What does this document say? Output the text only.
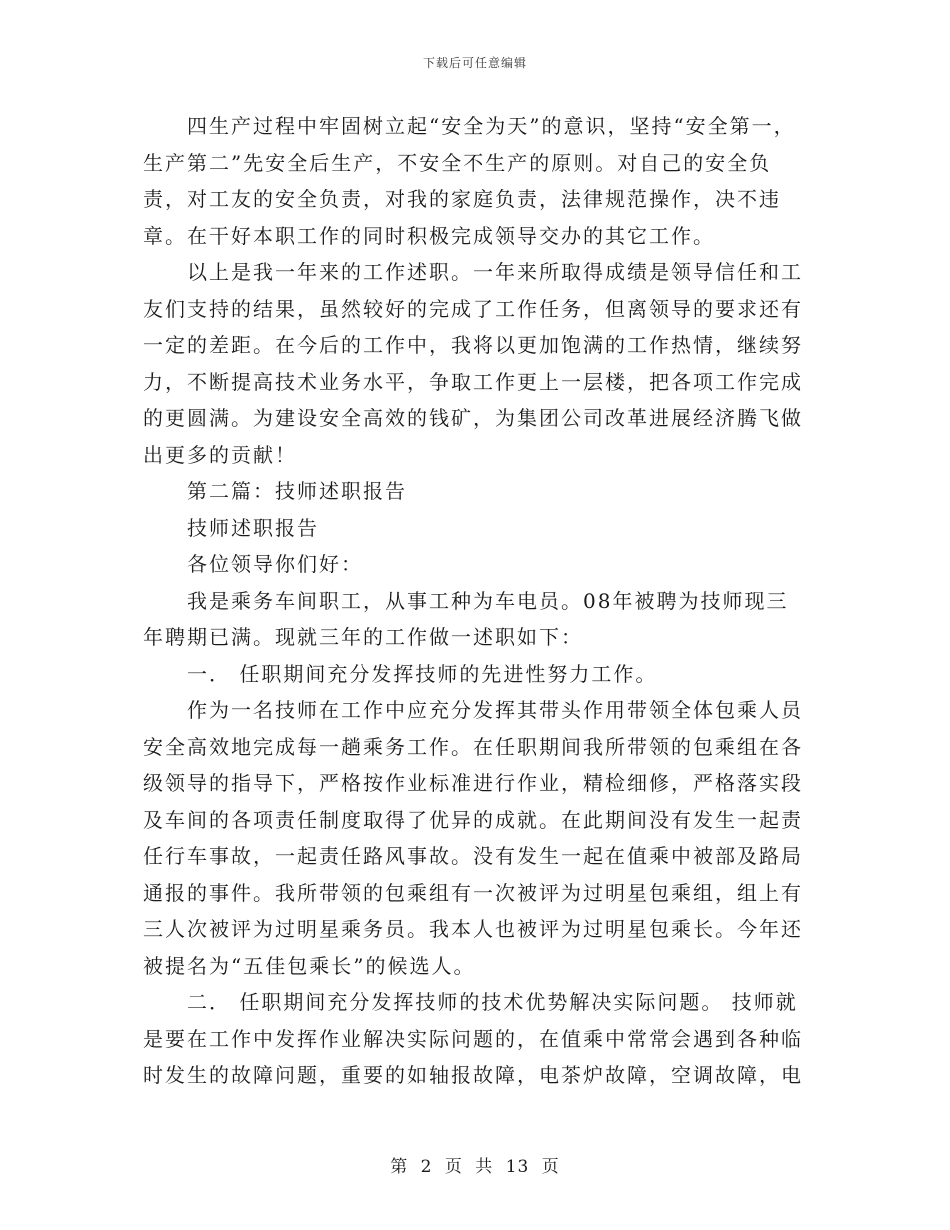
下载后可任意编辑

四生产过程中牢固树立起“安全为天”的意识，坚持“安全第一，生产第二”先安全后生产，不安全不生产的原则。对自己的安全负责，对工友的安全负责，对我的家庭负责，法律规范操作，决不违章。在干好本职工作的同时积极完成领导交办的其它工作。

以上是我一年来的工作述职。一年来所取得成绩是领导信任和工友们支持的结果，虽然较好的完成了工作任务，但离领导的要求还有一定的差距。在今后的工作中，我将以更加饱满的工作热情，继续努力，不断提高技术业务水平，争取工作更上一层楼，把各项工作完成的更圆满。为建设安全高效的钱矿，为集团公司改革进展经济腾飞做出更多的贡献！

第二篇：技师述职报告

技师述职报告

各位领导你们好：

我是乘务车间职工，从事工种为车电员。08年被聘为技师现三年聘期已满。现就三年的工作做一述职如下：

一． 任职期间充分发挥技师的先进性努力工作。

作为一名技师在工作中应充分发挥其带头作用带领全体包乘人员安全高效地完成每一趟乘务工作。在任职期间我所带领的包乘组在各级领导的指导下，严格按作业标准进行作业，精检细修，严格落实段及车间的各项责任制度取得了优异的成就。在此期间没有发生一起责任行车事故，一起责任路风事故。没有发生一起在值乘中被部及路局通报的事件。我所带领的包乘组有一次被评为过明星包乘组，组上有三人次被评为过明星乘务员。我本人也被评为过明星包乘长。今年还被提名为“五佳包乘长”的候选人。

二． 任职期间充分发挥技师的技术优势解决实际问题。 技师就是要在工作中发挥作业解决实际问题的，在值乘中常常会遇到各种临时发生的故障问题，重要的如轴报故障，电茶炉故障，空调故障，电

第 2 页 共 13 页
